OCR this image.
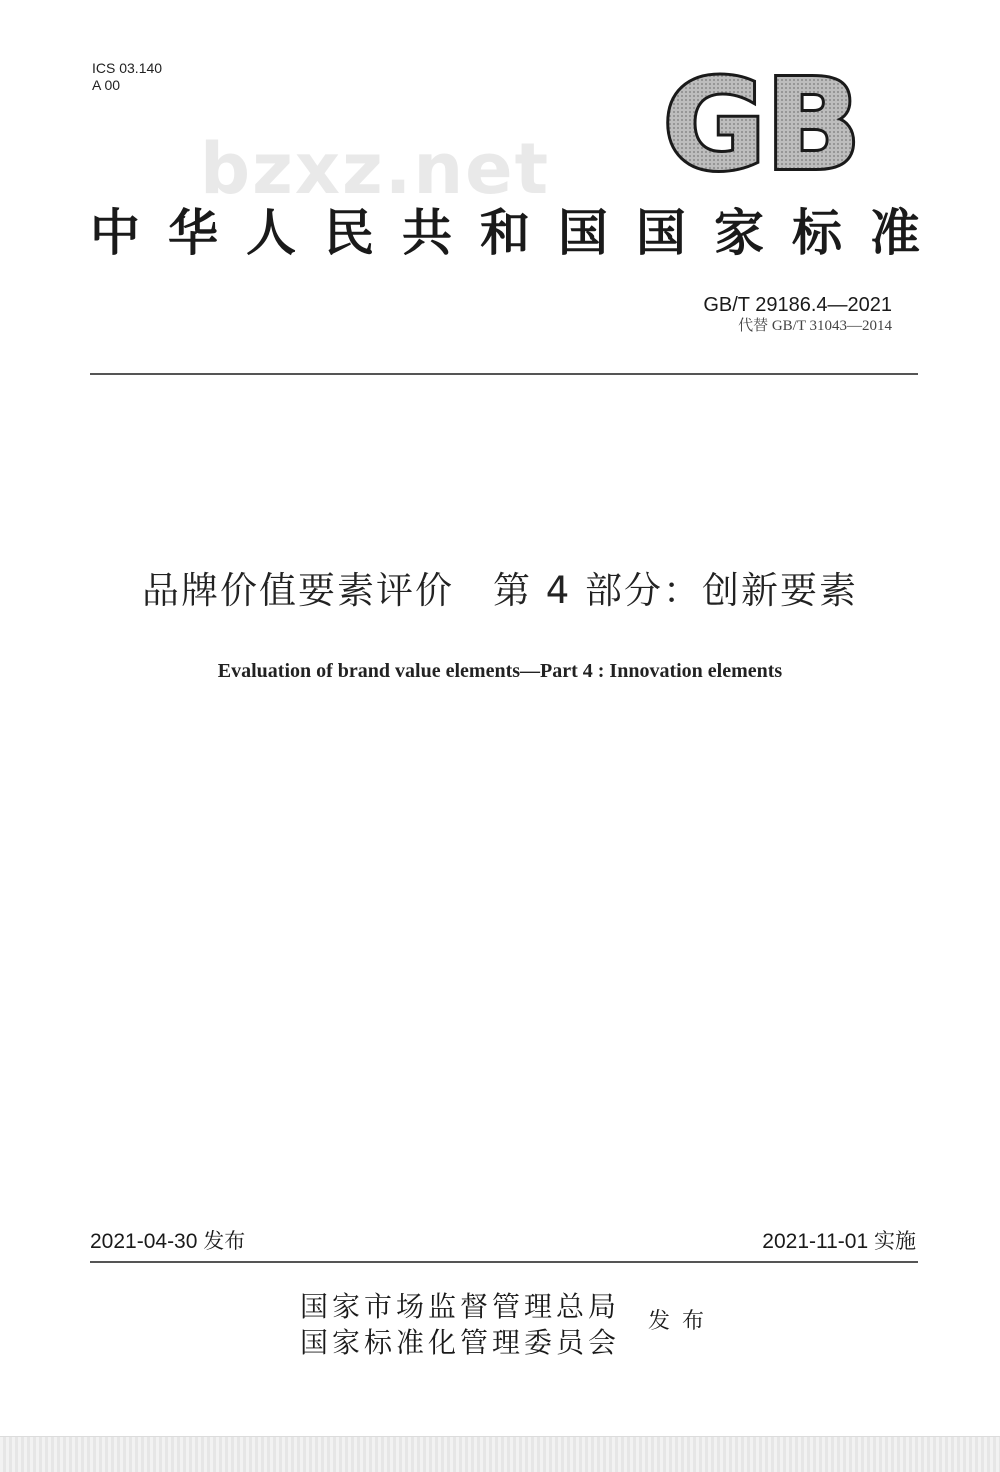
ICS 03.140
A 00	GB
bzxz.net
中 华 人 民 共 和 国 国 家 标 准
GB/T 29186.4—2021
代替 GB/T 31043—2014
品牌价值要素评价　第 4 部分：创新要素
Evaluation of brand value elements—Part 4 : Innovation elements
2021-04-30 发布	2021-11-01 实施
国家市场监督管理总局
国家标准化管理委员会
发布
